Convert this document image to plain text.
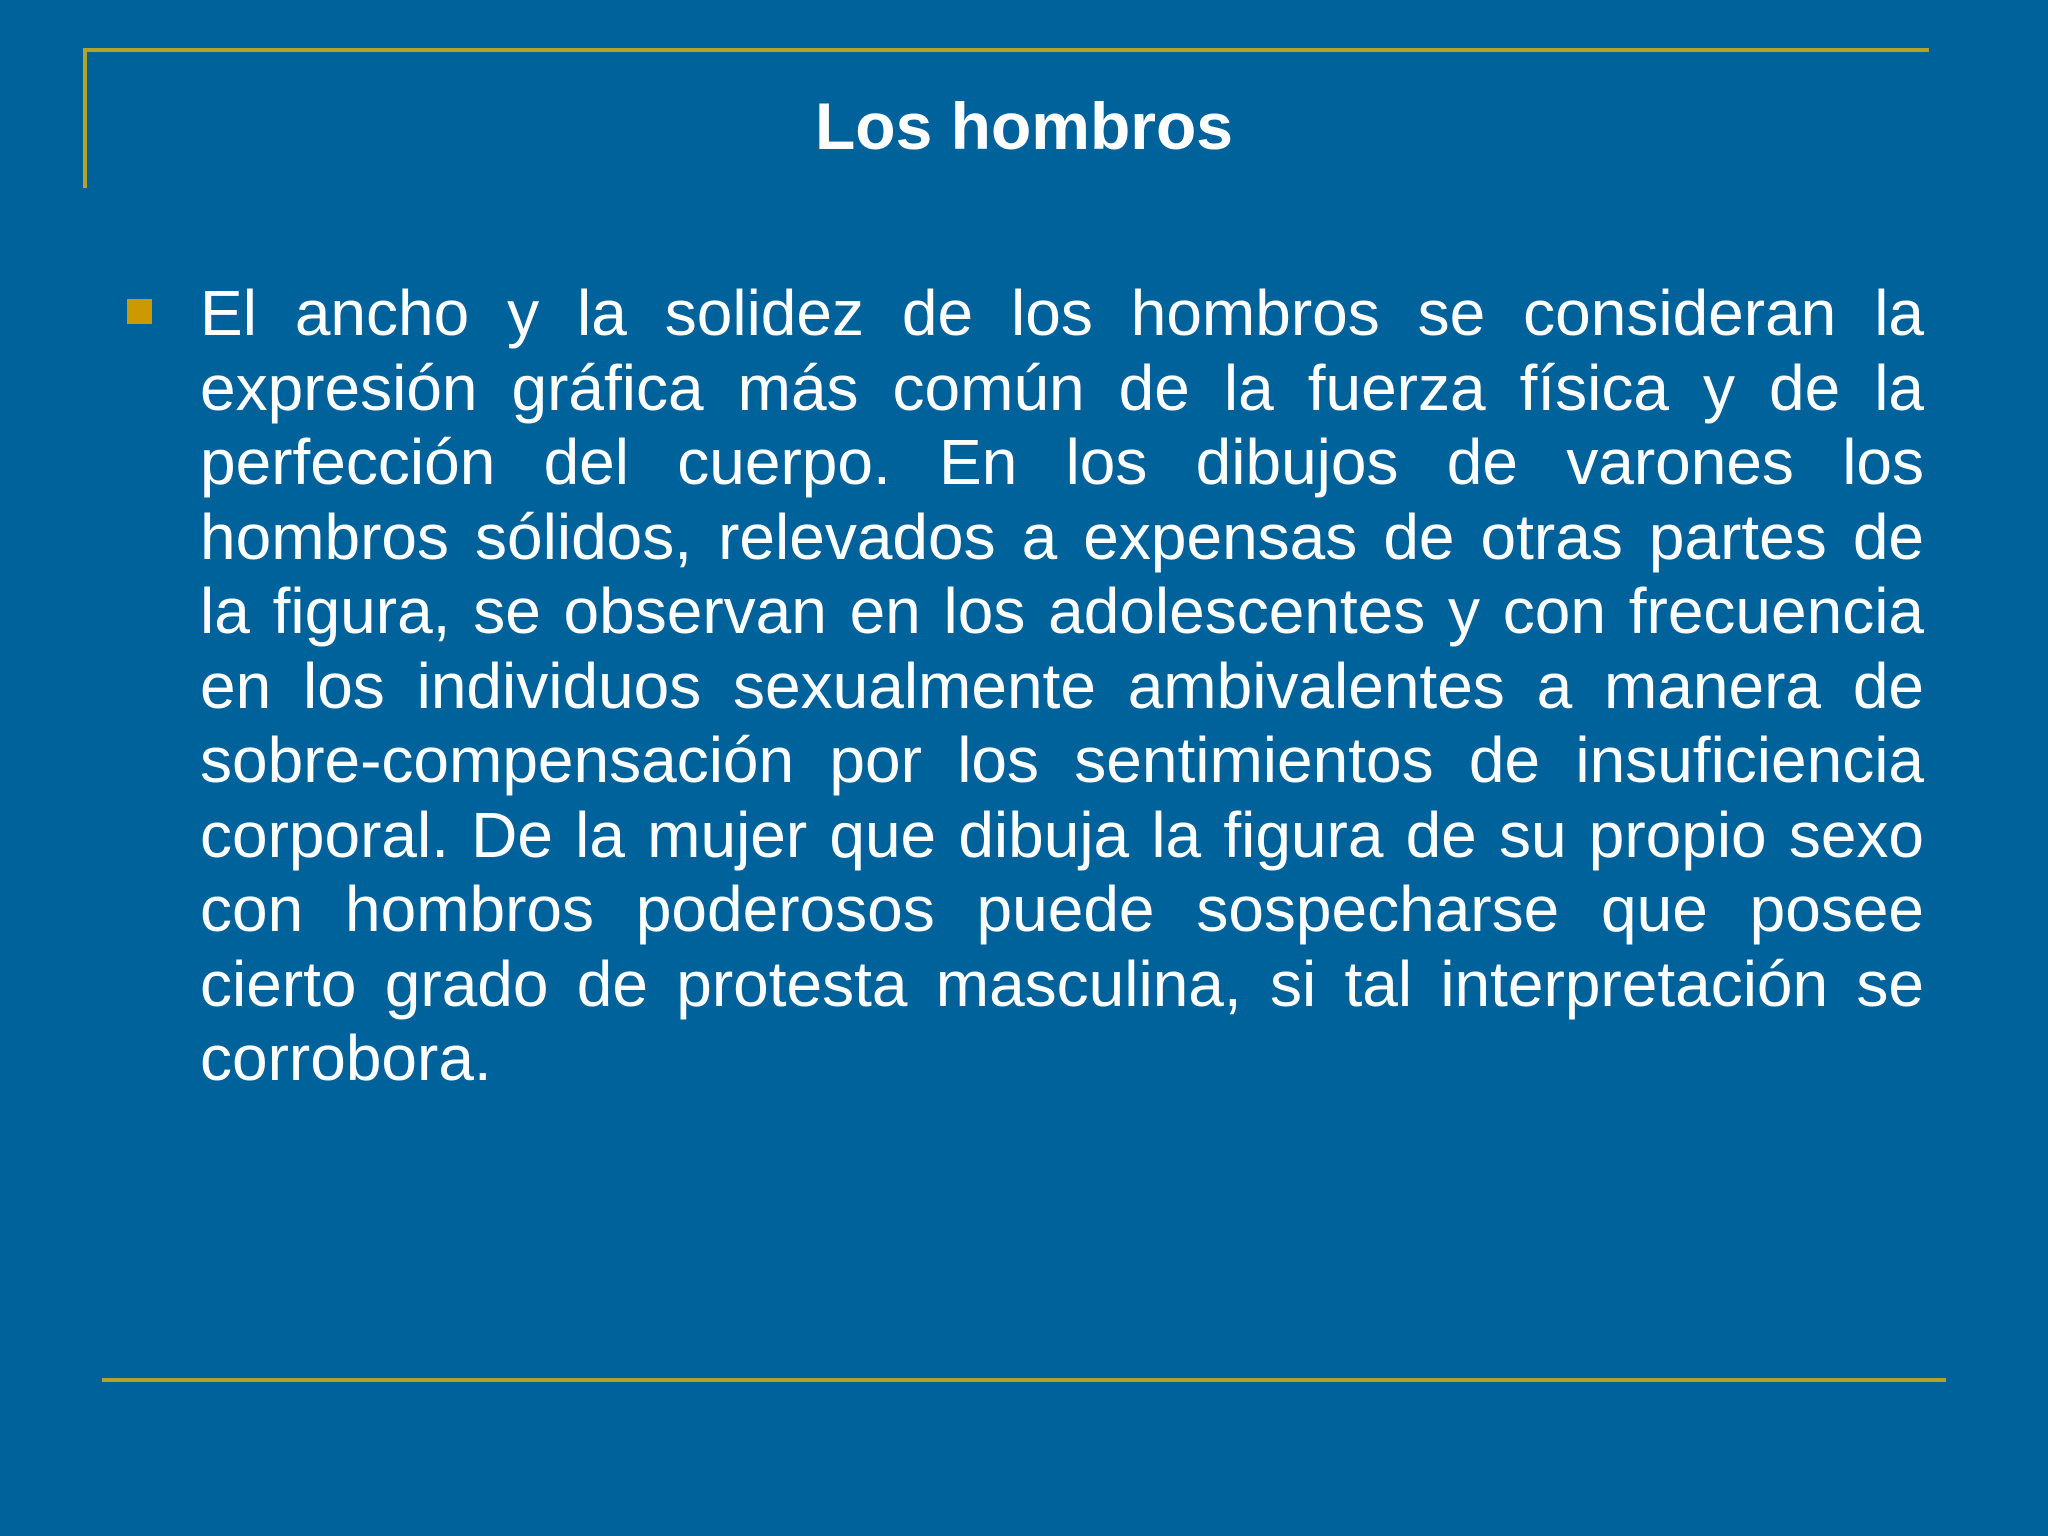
Los hombros

El ancho y la solidez de los hombros se consideran la expresión gráfica más común de la fuerza física y de la perfección del cuerpo. En los dibujos de varones los hombros sólidos, relevados a expensas de otras partes de la figura, se observan en los adolescentes y con frecuencia en los individuos sexualmente ambivalentes a manera de sobre-compensación por los sentimientos de insuficiencia corporal. De la mujer que dibuja la figura de su propio sexo con hombros poderosos puede sospecharse que posee cierto grado de protesta masculina, si tal interpretación se corrobora.
